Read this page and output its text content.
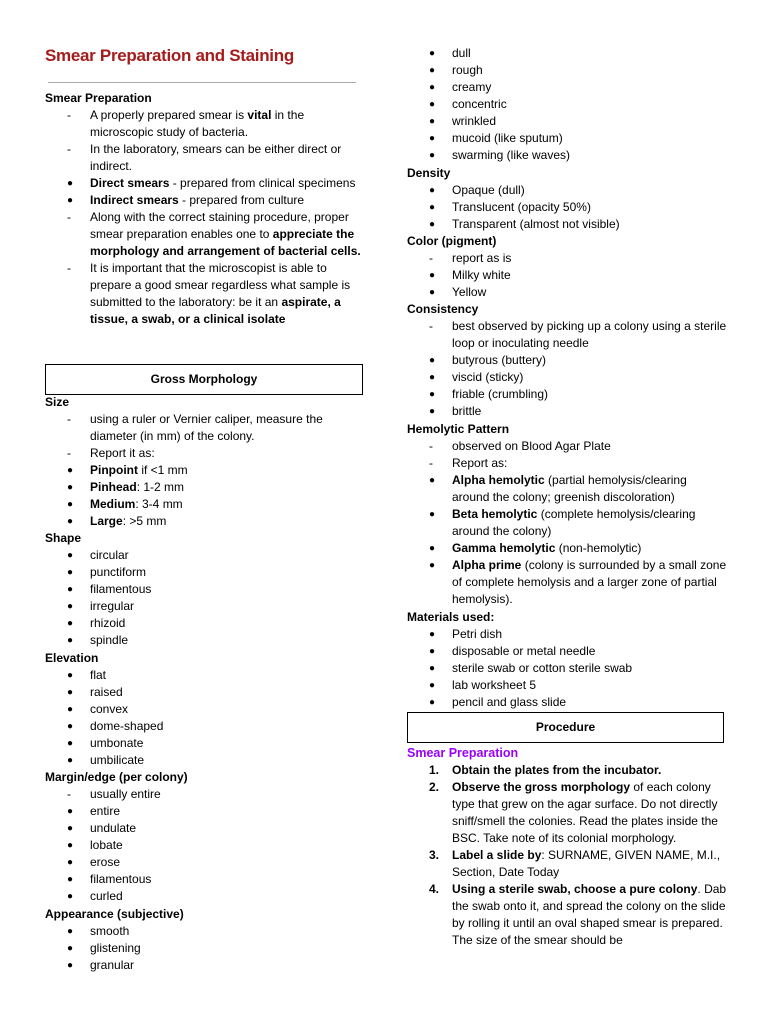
Smear Preparation and Staining
Smear Preparation
-	A properly prepared smear is vital in the microscopic study of bacteria.
-	In the laboratory, smears can be either direct or indirect.
●	Direct smears - prepared from clinical specimens
●	Indirect smears - prepared from culture
-	Along with the correct staining procedure, proper smear preparation enables one to appreciate the morphology and arrangement of bacterial cells.
-	It is important that the microscopist is able to prepare a good smear regardless what sample is submitted to the laboratory: be it an aspirate, a tissue, a swab, or a clinical isolate
Gross Morphology
Size
-	using a ruler or Vernier caliper, measure the diameter (in mm) of the colony.
-	Report it as:
●	Pinpoint if <1 mm
●	Pinhead: 1-2 mm
●	Medium: 3-4 mm
●	Large: >5 mm
Shape
●	circular
●	punctiform
●	filamentous
●	irregular
●	rhizoid
●	spindle
Elevation
●	flat
●	raised
●	convex
●	dome-shaped
●	umbonate
●	umbilicate
Margin/edge (per colony)
-	usually entire
●	entire
●	undulate
●	lobate
●	erose
●	filamentous
●	curled
Appearance (subjective)
●	smooth
●	glistening
●	granular
●	dull
●	rough
●	creamy
●	concentric
●	wrinkled
●	mucoid (like sputum)
●	swarming (like waves)
Density
●	Opaque (dull)
●	Translucent (opacity 50%)
●	Transparent (almost not visible)
Color (pigment)
-	report as is
●	Milky white
●	Yellow
Consistency
-	best observed by picking up a colony using a sterile loop or inoculating needle
●	butyrous (buttery)
●	viscid (sticky)
●	friable (crumbling)
●	brittle
Hemolytic Pattern
-	observed on Blood Agar Plate
-	Report as:
●	Alpha hemolytic (partial hemolysis/clearing around the colony; greenish discoloration)
●	Beta hemolytic (complete hemolysis/clearing around the colony)
●	Gamma hemolytic (non-hemolytic)
●	Alpha prime (colony is surrounded by a small zone of complete hemolysis and a larger zone of partial hemolysis).
Materials used:
●	Petri dish
●	disposable or metal needle
●	sterile swab or cotton sterile swab
●	lab worksheet 5
●	pencil and glass slide
Procedure
Smear Preparation
1.	Obtain the plates from the incubator.
2.	Observe the gross morphology of each colony type that grew on the agar surface. Do not directly sniff/smell the colonies. Read the plates inside the BSC. Take note of its colonial morphology.
3.	Label a slide by: SURNAME, GIVEN NAME, M.I., Section, Date Today
4.	Using a sterile swab, choose a pure colony. Dab the swab onto it, and spread the colony on the slide by rolling it until an oval shaped smear is prepared. The size of the smear should be
